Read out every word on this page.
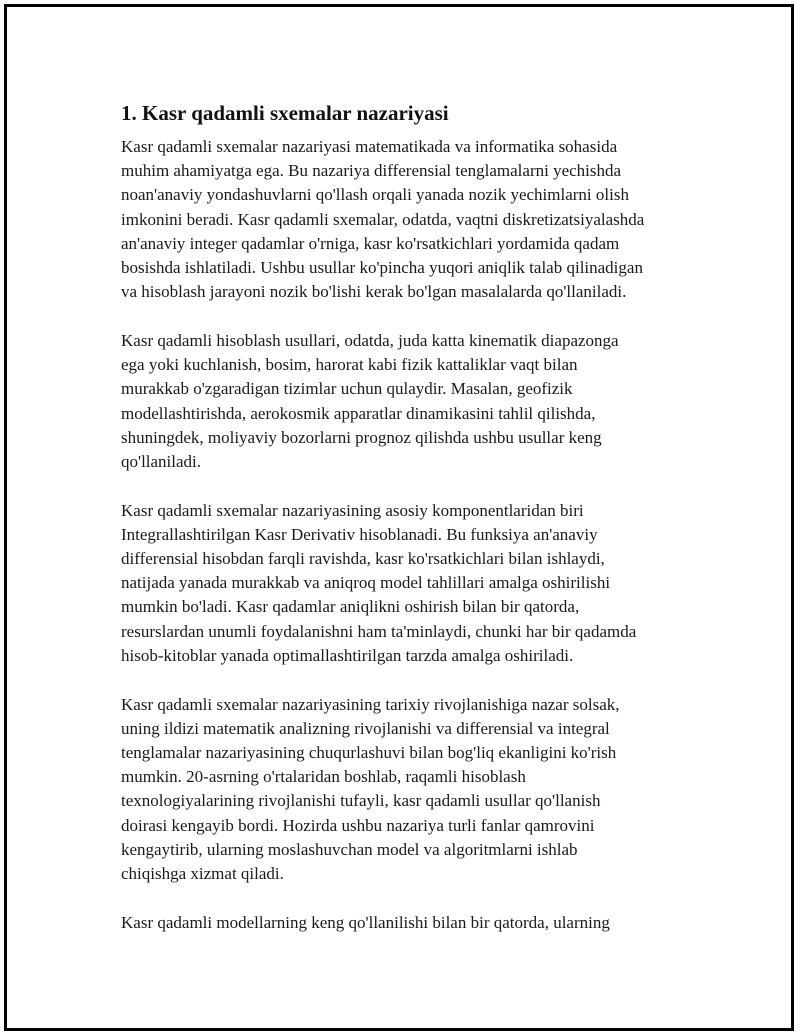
1. Kasr qadamli sxemalar nazariyasi

Kasr qadamli sxemalar nazariyasi matematikada va informatika sohasida
muhim ahamiyatga ega. Bu nazariya differensial tenglamalarni yechishda
noan'anaviy yondashuvlarni qo'llash orqali yanada nozik yechimlarni olish
imkonini beradi. Kasr qadamli sxemalar, odatda, vaqtni diskretizatsiyalashda
an'anaviy integer qadamlar o'rniga, kasr ko'rsatkichlari yordamida qadam
bosishda ishlatiladi. Ushbu usullar ko'pincha yuqori aniqlik talab qilinadigan
va hisoblash jarayoni nozik bo'lishi kerak bo'lgan masalalarda qo'llaniladi.

Kasr qadamli hisoblash usullari, odatda, juda katta kinematik diapazonga
ega yoki kuchlanish, bosim, harorat kabi fizik kattaliklar vaqt bilan
murakkab o'zgaradigan tizimlar uchun qulaydir. Masalan, geofizik
modellashtirishda, aerokosmik apparatlar dinamikasini tahlil qilishda,
shuningdek, moliyaviy bozorlarni prognoz qilishda ushbu usullar keng
qo'llaniladi.

Kasr qadamli sxemalar nazariyasining asosiy komponentlaridan biri
Integrallashtirilgan Kasr Derivativ hisoblanadi. Bu funksiya an'anaviy
differensial hisobdan farqli ravishda, kasr ko'rsatkichlari bilan ishlaydi,
natijada yanada murakkab va aniqroq model tahlillari amalga oshirilishi
mumkin bo'ladi. Kasr qadamlar aniqlikni oshirish bilan bir qatorda,
resurslardan unumli foydalanishni ham ta'minlaydi, chunki har bir qadamda
hisob-kitoblar yanada optimallashtirilgan tarzda amalga oshiriladi.

Kasr qadamli sxemalar nazariyasining tarixiy rivojlanishiga nazar solsak,
uning ildizi matematik analizning rivojlanishi va differensial va integral
tenglamalar nazariyasining chuqurlashuvi bilan bog'liq ekanligini ko'rish
mumkin. 20-asrning o'rtalaridan boshlab, raqamli hisoblash
texnologiyalarining rivojlanishi tufayli, kasr qadamli usullar qo'llanish
doirasi kengayib bordi. Hozirda ushbu nazariya turli fanlar qamrovini
kengaytirib, ularning moslashuvchan model va algoritmlarni ishlab
chiqishga xizmat qiladi.

Kasr qadamli modellarning keng qo'llanilishi bilan bir qatorda, ularning
